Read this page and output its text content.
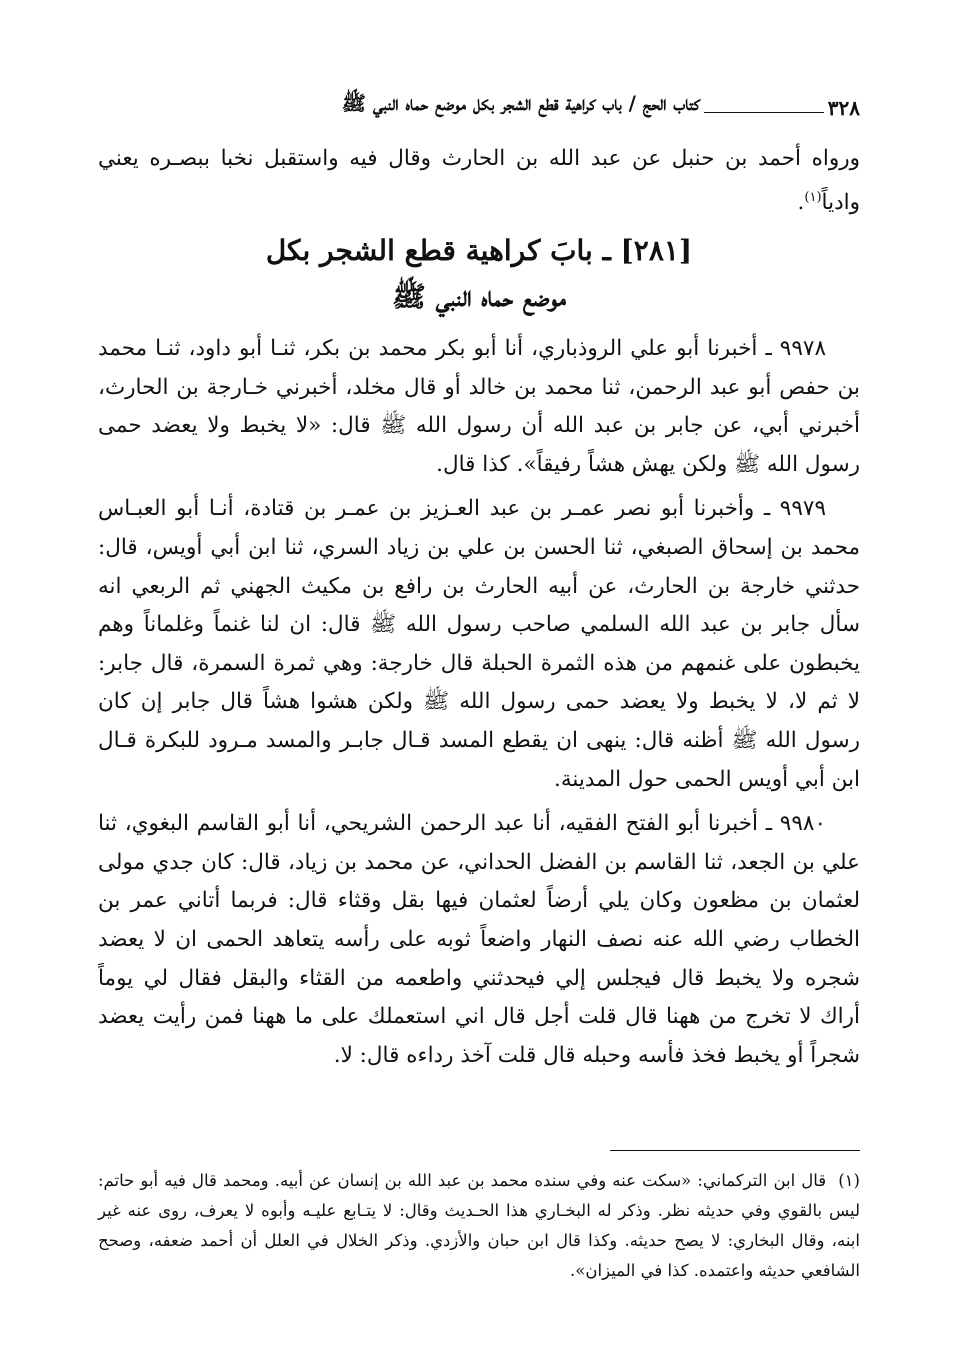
٣٢٨
كتاب الحج / باب كراهية قطع الشجر بكل موضع حماه النبي ﷺ
ورواه أحمد بن حنبل عن عبد الله بن الحارث وقال فيه واستقبل نخبا ببصـره يعني وادياً$^{(١)}$.
[٢٨١] ـ بابَ كراهية قطع الشجر بكل
موضع حماه النبي ﷺ

٩٩٧٨ ـ أخبرنا أبو علي الروذباري، أنا أبو بكر محمد بن بكر، ثنـا أبو داود، ثنـا محمد بن حفص أبو عبد الرحمن، ثنا محمد بن خالد أو قال مخلد، أخبرني خـارجة بن الحارث، أخبرني أبي، عن جابر بن عبد الله أن رسول الله ﷺ قال: «لا يخبط ولا يعضد حمى رسول الله ﷺ ولكن يهش هشاً رفيقاً». كذا قال.

٩٩٧٩ ـ وأخبرنا أبو نصر عمـر بن عبد العـزيز بن عمـر بن قتادة، أنـا أبو العبـاس محمد بن إسحاق الصبغي، ثنا الحسن بن علي بن زياد السري، ثنا ابن أبي أويس، قال: حدثني خارجة بن الحارث، عن أبيه الحارث بن رافع بن مكيث الجهني ثم الربعي انه سأل جابر بن عبد الله السلمي صاحب رسول الله ﷺ قال: ان لنا غنماً وغلماناً وهم يخبطون على غنمهم من هذه الثمرة الحبلة قال خارجة: وهي ثمرة السمرة، قال جابر: لا ثم لا، لا يخبط ولا يعضد حمى رسول الله ﷺ ولكن هشوا هشاً قال جابر إن كان رسول الله ﷺ أظنه قال: ينهى ان يقطع المسد قـال جابـر والمسد مـرود للبكرة قـال ابن أبي أويس الحمى حول المدينة.

٩٩٨٠ ـ أخبرنا أبو الفتح الفقيه، أنا عبد الرحمن الشريحي، أنا أبو القاسم البغوي، ثنا علي بن الجعد، ثنا القاسم بن الفضل الحداني، عن محمد بن زياد، قال: كان جدي مولى لعثمان بن مظعون وكان يلي أرضاً لعثمان فيها بقل وقثاء قال: فربما أتاني عمر بن الخطاب رضي الله عنه نصف النهار واضعاً ثوبه على رأسه يتعاهد الحمى ان لا يعضد شجره ولا يخبط قال فيجلس إلي فيحدثني واطعمه من القثاء والبقل فقال لي يوماً أراك لا تخرج من ههنا قال قلت أجل قال اني استعملك على ما ههنا فمن رأيت يعضد شجراً أو يخبط فخذ فأسه وحبله قال قلت آخذ رداءه قال: لا.

(١) قال ابن التركماني: «سكت عنه وفي سنده محمد بن عبد الله بن إنسان عن أبيه. ومحمد قال فيه أبو حاتم: ليس بالقوي وفي حديثه نظر. وذكر له البخـاري هذا الحـديث وقال: لا يتـابع عليـه وأبوه لا يعرف، روى عنه غير ابنه، وقال البخاري: لا يصح حديثه. وكذا قال ابن حبان والأزدي. وذكر الخلال في العلل أن أحمد ضعفه، وصحح الشافعي حديثه واعتمده. كذا في الميزان».
